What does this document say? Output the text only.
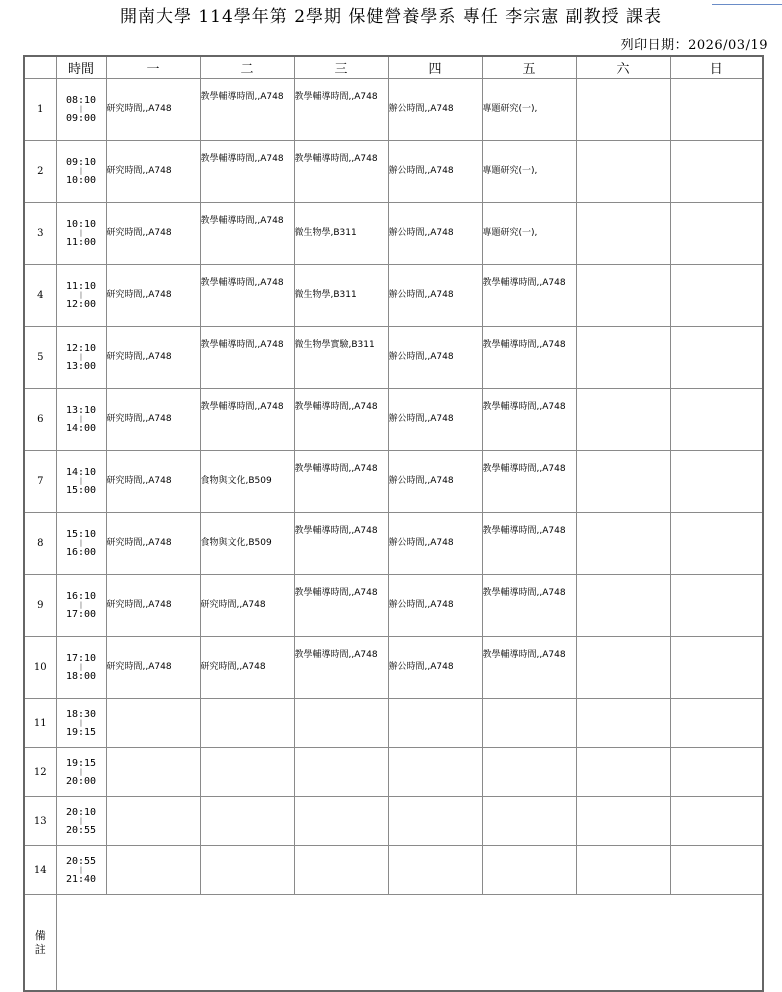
開南大學 114學年第 2學期 保健營養學系 專任 李宗憲 副教授 課表
列印日期：2026/03/19
	時間	一	二	三	四	五	六	日
1	08:10
|
09:00	研究時間,,A748	教學輔導時間,,A748	教學輔導時間,,A748	辦公時間,,A748	專題研究(一),		
2	09:10
|
10:00	研究時間,,A748	教學輔導時間,,A748	教學輔導時間,,A748	辦公時間,,A748	專題研究(一),		
3	10:10
|
11:00	研究時間,,A748	教學輔導時間,,A748	微生物學,B311	辦公時間,,A748	專題研究(一),		
4	11:10
|
12:00	研究時間,,A748	教學輔導時間,,A748	微生物學,B311	辦公時間,,A748	教學輔導時間,,A748		
5	12:10
|
13:00	研究時間,,A748	教學輔導時間,,A748	微生物學實驗,B311	辦公時間,,A748	教學輔導時間,,A748		
6	13:10
|
14:00	研究時間,,A748	教學輔導時間,,A748	教學輔導時間,,A748	辦公時間,,A748	教學輔導時間,,A748		
7	14:10
|
15:00	研究時間,,A748	食物與文化,B509	教學輔導時間,,A748	辦公時間,,A748	教學輔導時間,,A748		
8	15:10
|
16:00	研究時間,,A748	食物與文化,B509	教學輔導時間,,A748	辦公時間,,A748	教學輔導時間,,A748		
9	16:10
|
17:00	研究時間,,A748	研究時間,,A748	教學輔導時間,,A748	辦公時間,,A748	教學輔導時間,,A748		
10	17:10
|
18:00	研究時間,,A748	研究時間,,A748	教學輔導時間,,A748	辦公時間,,A748	教學輔導時間,,A748		
11	18:30
|
19:15							
12	19:15
|
20:00							
13	20:10
|
20:55							
14	20:55
|
21:40							
備
註								
